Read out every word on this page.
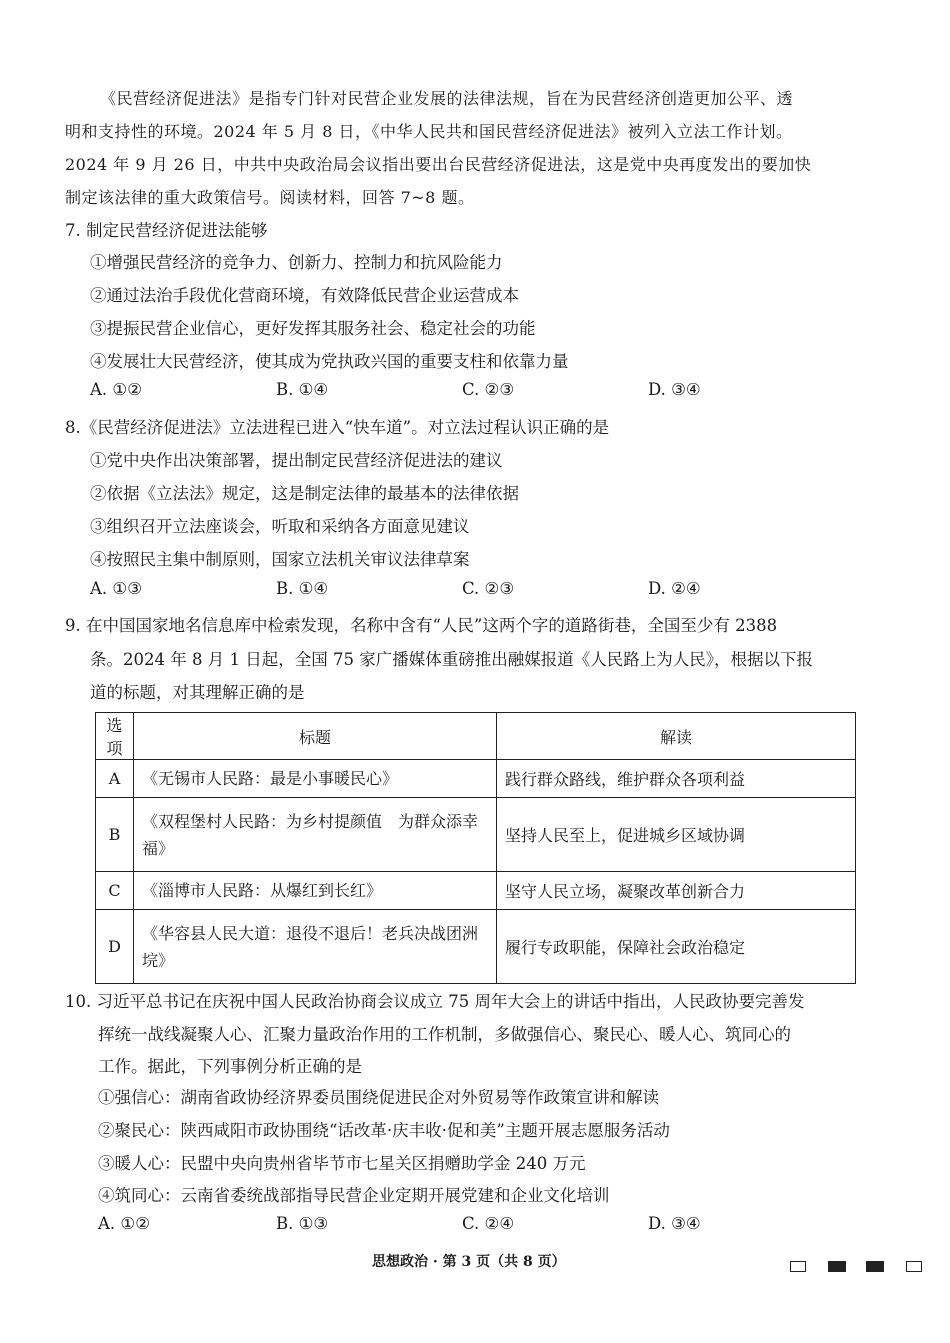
《民营经济促进法》是指专门针对民营企业发展的法律法规，旨在为民营经济创造更加公平、透
明和支持性的环境。2024 年 5 月 8 日，《中华人民共和国民营经济促进法》被列入立法工作计划。
2024 年 9 月 26 日，中共中央政治局会议指出要出台民营经济促进法，这是党中央再度发出的要加快
制定该法律的重大政策信号。阅读材料，回答 7~8 题。
7. 制定民营经济促进法能够
①增强民营经济的竞争力、创新力、控制力和抗风险能力
②通过法治手段优化营商环境，有效降低民营企业运营成本
③提振民营企业信心，更好发挥其服务社会、稳定社会的功能
④发展壮大民营经济，使其成为党执政兴国的重要支柱和依靠力量
A. ①②	B. ①④	C. ②③	D. ③④
8.《民营经济促进法》立法进程已进入“快车道”。对立法过程认识正确的是
①党中央作出决策部署，提出制定民营经济促进法的建议
②依据《立法法》规定，这是制定法律的最基本的法律依据
③组织召开立法座谈会，听取和采纳各方面意见建议
④按照民主集中制原则，国家立法机关审议法律草案
A. ①③	B. ①④	C. ②③	D. ②④
9. 在中国国家地名信息库中检索发现，名称中含有“人民”这两个字的道路街巷，全国至少有 2388
条。2024 年 8 月 1 日起，全国 75 家广播媒体重磅推出融媒报道《人民路上为人民》，根据以下报
道的标题，对其理解正确的是
选项	标题	解读
A	《无锡市人民路：最是小事暖民心》	践行群众路线，维护群众各项利益
B	《双程堡村人民路：为乡村提颜值　为群众添幸福》	坚持人民至上，促进城乡区域协调
C	《淄博市人民路：从爆红到长红》	坚守人民立场，凝聚改革创新合力
D	《华容县人民大道：退役不退后！老兵决战团洲垸》	履行专政职能，保障社会政治稳定
10. 习近平总书记在庆祝中国人民政治协商会议成立 75 周年大会上的讲话中指出，人民政协要完善发
挥统一战线凝聚人心、汇聚力量政治作用的工作机制，多做强信心、聚民心、暖人心、筑同心的
工作。据此，下列事例分析正确的是
①强信心：湖南省政协经济界委员围绕促进民企对外贸易等作政策宣讲和解读
②聚民心：陕西咸阳市政协围绕“话改革·庆丰收·促和美”主题开展志愿服务活动
③暖人心：民盟中央向贵州省毕节市七星关区捐赠助学金 240 万元
④筑同心：云南省委统战部指导民营企业定期开展党建和企业文化培训
A. ①②	B. ①③	C. ②④	D. ③④
思想政治 · 第 3 页（共 8 页）
